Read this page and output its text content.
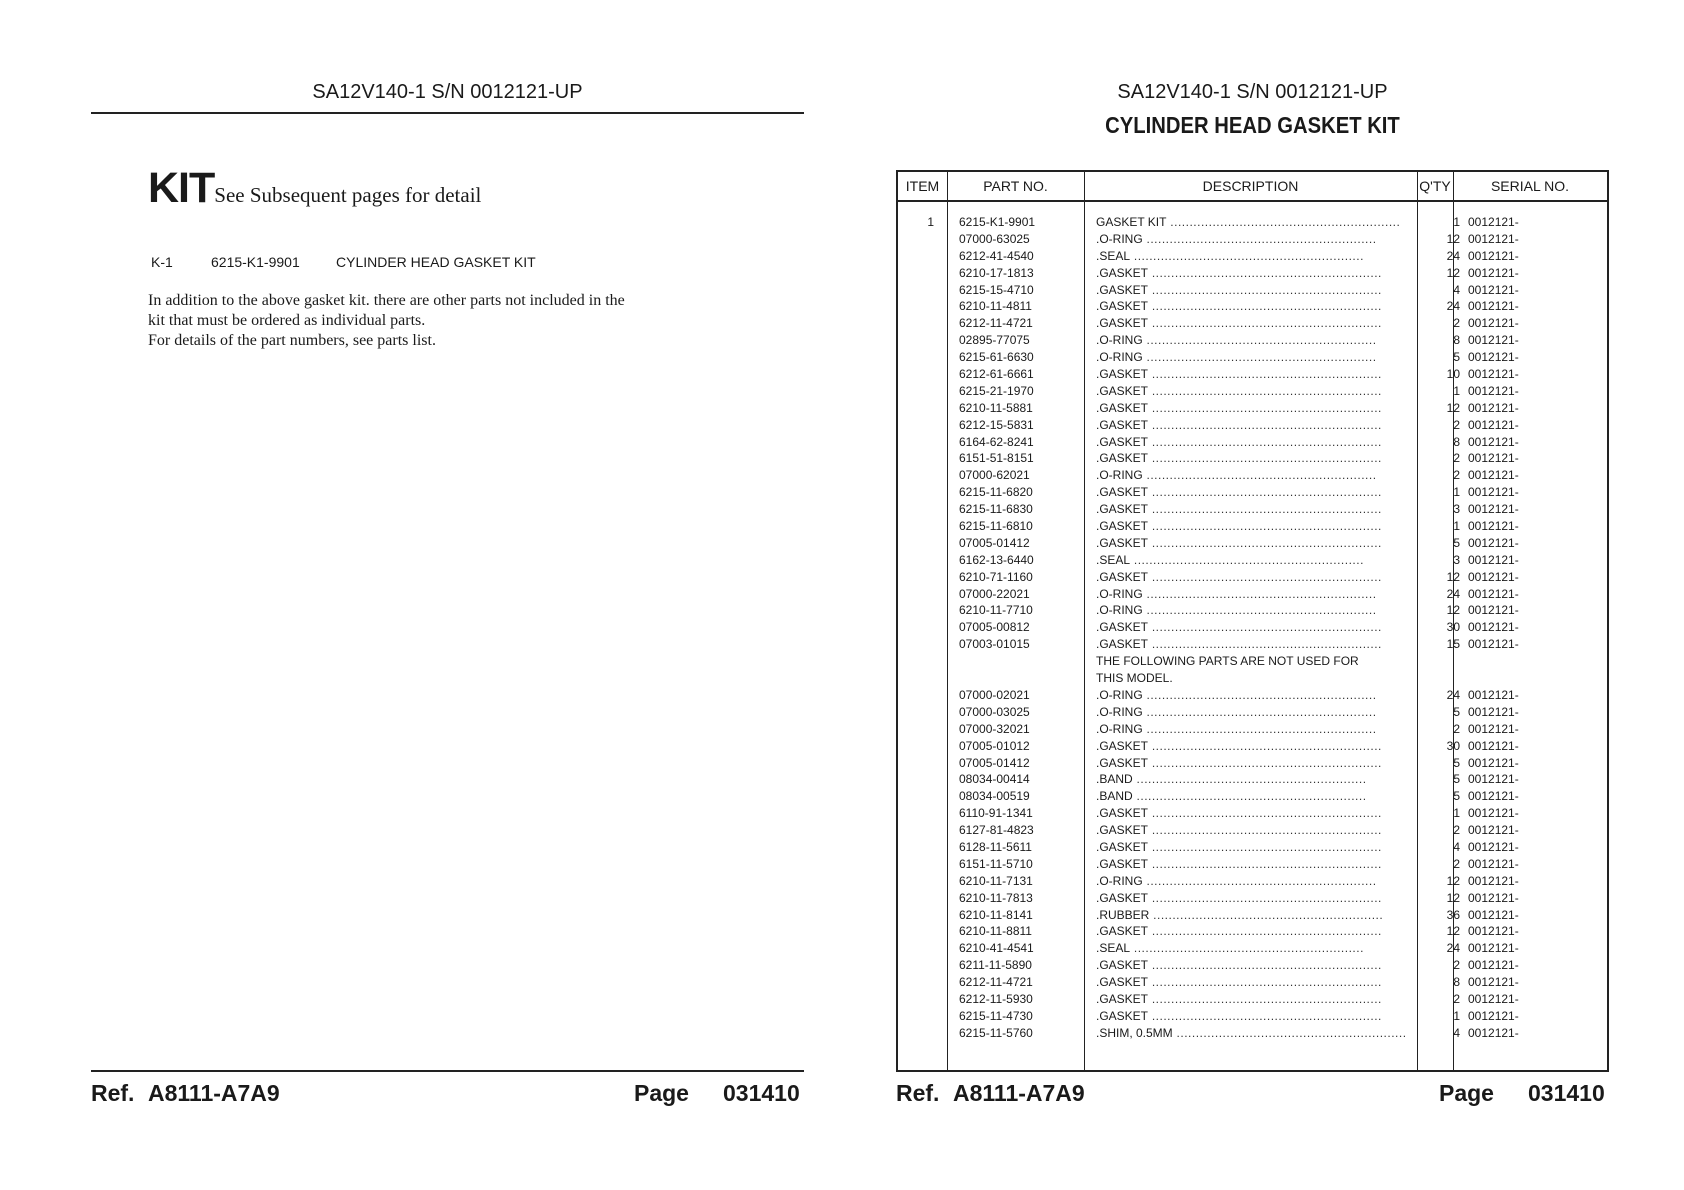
SA12V140-1 S/N 0012121-UP
KITSee Subsequent pages for detail
K-1	6215-K1-9901	CYLINDER HEAD GASKET KIT
In addition to the above gasket kit. there are other parts not included in the
kit that must be ordered as individual parts.
For details of the part numbers, see parts list.
Ref. A8111-A7A9	Page 031410
SA12V140-1 S/N 0012121-UP
CYLINDER HEAD GASKET KIT
ITEM	PART NO.	DESCRIPTION	Q'TY	SERIAL NO.
1 6215-K1-9901	GASKET KIT ............................................................	1 0012121-
07000-63025	.O-RING ............................................................	12 0012121-
6212-41-4540	.SEAL ............................................................	24 0012121-
6210-17-1813	.GASKET ............................................................	12 0012121-
6215-15-4710	.GASKET ............................................................	4 0012121-
6210-11-4811	.GASKET ............................................................	24 0012121-
6212-11-4721	.GASKET ............................................................	2 0012121-
02895-77075	.O-RING ............................................................	8 0012121-
6215-61-6630	.O-RING ............................................................	5 0012121-
6212-61-6661	.GASKET ............................................................	10 0012121-
6215-21-1970	.GASKET ............................................................	1 0012121-
6210-11-5881	.GASKET ............................................................	12 0012121-
6212-15-5831	.GASKET ............................................................	2 0012121-
6164-62-8241	.GASKET ............................................................	8 0012121-
6151-51-8151	.GASKET ............................................................	2 0012121-
07000-62021	.O-RING ............................................................	2 0012121-
6215-11-6820	.GASKET ............................................................	1 0012121-
6215-11-6830	.GASKET ............................................................	3 0012121-
6215-11-6810	.GASKET ............................................................	1 0012121-
07005-01412	.GASKET ............................................................	5 0012121-
6162-13-6440	.SEAL ............................................................	3 0012121-
6210-71-1160	.GASKET ............................................................	12 0012121-
07000-22021	.O-RING ............................................................	24 0012121-
6210-11-7710	.O-RING ............................................................	12 0012121-
07005-00812	.GASKET ............................................................	30 0012121-
07003-01015	.GASKET ............................................................	15 0012121-
THE FOLLOWING PARTS ARE NOT USED FOR
THIS MODEL.
07000-02021	.O-RING ............................................................	24 0012121-
07000-03025	.O-RING ............................................................	5 0012121-
07000-32021	.O-RING ............................................................	2 0012121-
07005-01012	.GASKET ............................................................	30 0012121-
07005-01412	.GASKET ............................................................	5 0012121-
08034-00414	.BAND ............................................................	5 0012121-
08034-00519	.BAND ............................................................	5 0012121-
6110-91-1341	.GASKET ............................................................	1 0012121-
6127-81-4823	.GASKET ............................................................	2 0012121-
6128-11-5611	.GASKET ............................................................	4 0012121-
6151-11-5710	.GASKET ............................................................	2 0012121-
6210-11-7131	.O-RING ............................................................	12 0012121-
6210-11-7813	.GASKET ............................................................	12 0012121-
6210-11-8141	.RUBBER ............................................................	36 0012121-
6210-11-8811	.GASKET ............................................................	12 0012121-
6210-41-4541	.SEAL ............................................................	24 0012121-
6211-11-5890	.GASKET ............................................................	2 0012121-
6212-11-4721	.GASKET ............................................................	8 0012121-
6212-11-5930	.GASKET ............................................................	2 0012121-
6215-11-4730	.GASKET ............................................................	1 0012121-
6215-11-5760	.SHIM, 0.5MM ............................................................	4 0012121-
Ref. A8111-A7A9	Page 031410
